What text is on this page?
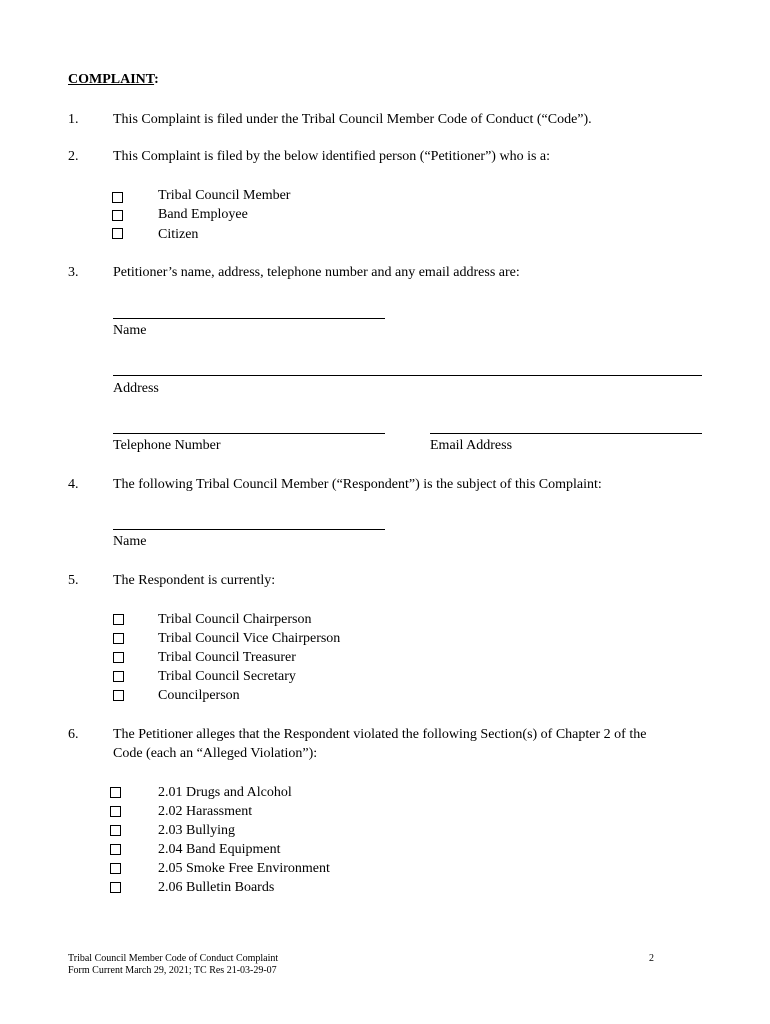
COMPLAINT:
1. This Complaint is filed under the Tribal Council Member Code of Conduct (“Code”).
2. This Complaint is filed by the below identified person (“Petitioner”) who is a:
Tribal Council Member
Band Employee
Citizen
3. Petitioner’s name, address, telephone number and any email address are:
Name
Address
Telephone Number	Email Address
4. The following Tribal Council Member (“Respondent”) is the subject of this Complaint:
Name
5. The Respondent is currently:
Tribal Council Chairperson
Tribal Council Vice Chairperson
Tribal Council Treasurer
Tribal Council Secretary
Councilperson
6. The Petitioner alleges that the Respondent violated the following Section(s) of Chapter 2 of the
Code (each an “Alleged Violation”):
2.01 Drugs and Alcohol
2.02 Harassment
2.03 Bullying
2.04 Band Equipment
2.05 Smoke Free Environment
2.06 Bulletin Boards
Tribal Council Member Code of Conduct Complaint
Form Current March 29, 2021; TC Res 21-03-29-07
2
